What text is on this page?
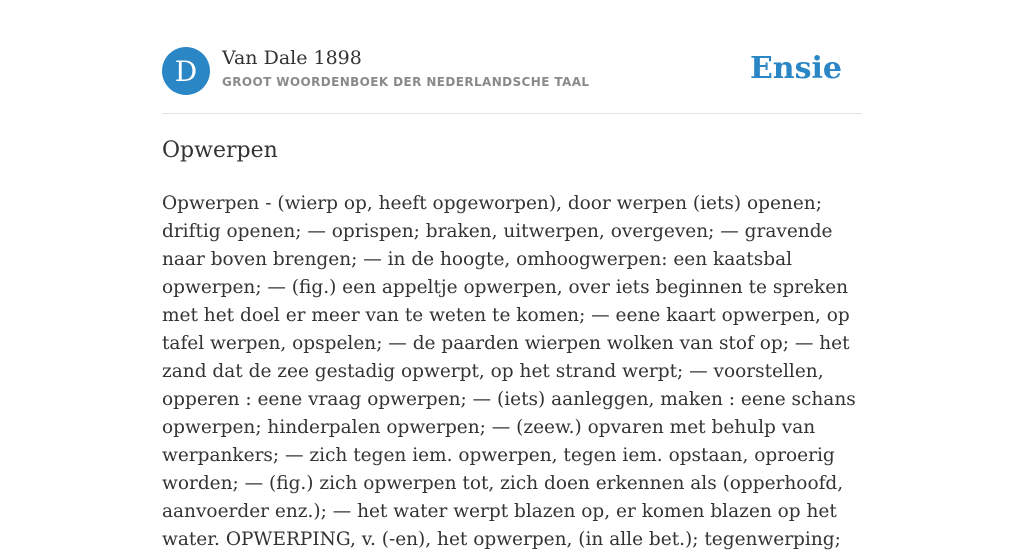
D	Van Dale 1898
GROOT WOORDENBOEK DER NEDERLANDSCHE TAAL	Ensie
Opwerpen
Opwerpen - (wierp op, heeft opgeworpen), door werpen (iets) openen; driftig openen; — oprispen; braken, uitwerpen, overgeven; — gravende naar boven brengen; — in de hoogte, omhoogwerpen: een kaatsbal opwerpen; — (fig.) een appeltje opwerpen, over iets beginnen te spreken met het doel er meer van te weten te komen; — eene kaart opwerpen, op tafel werpen, opspelen; — de paarden wierpen wolken van stof op; — het zand dat de zee gestadig opwerpt, op het strand werpt; — voorstellen, opperen : eene vraag opwerpen; — (iets) aanleggen, maken : eene schans opwerpen; hinderpalen opwerpen; — (zeew.) opvaren met behulp van werpankers; — zich tegen iem. opwerpen, tegen iem. opstaan, oproerig worden; — (fig.) zich opwerpen tot, zich doen erkennen als (opperhoofd, aanvoerder enz.); — het water werpt blazen op, er komen blazen op het water. OPWERPING, v. (-en), het opwerpen, (in alle bet.); tegenwerping;
